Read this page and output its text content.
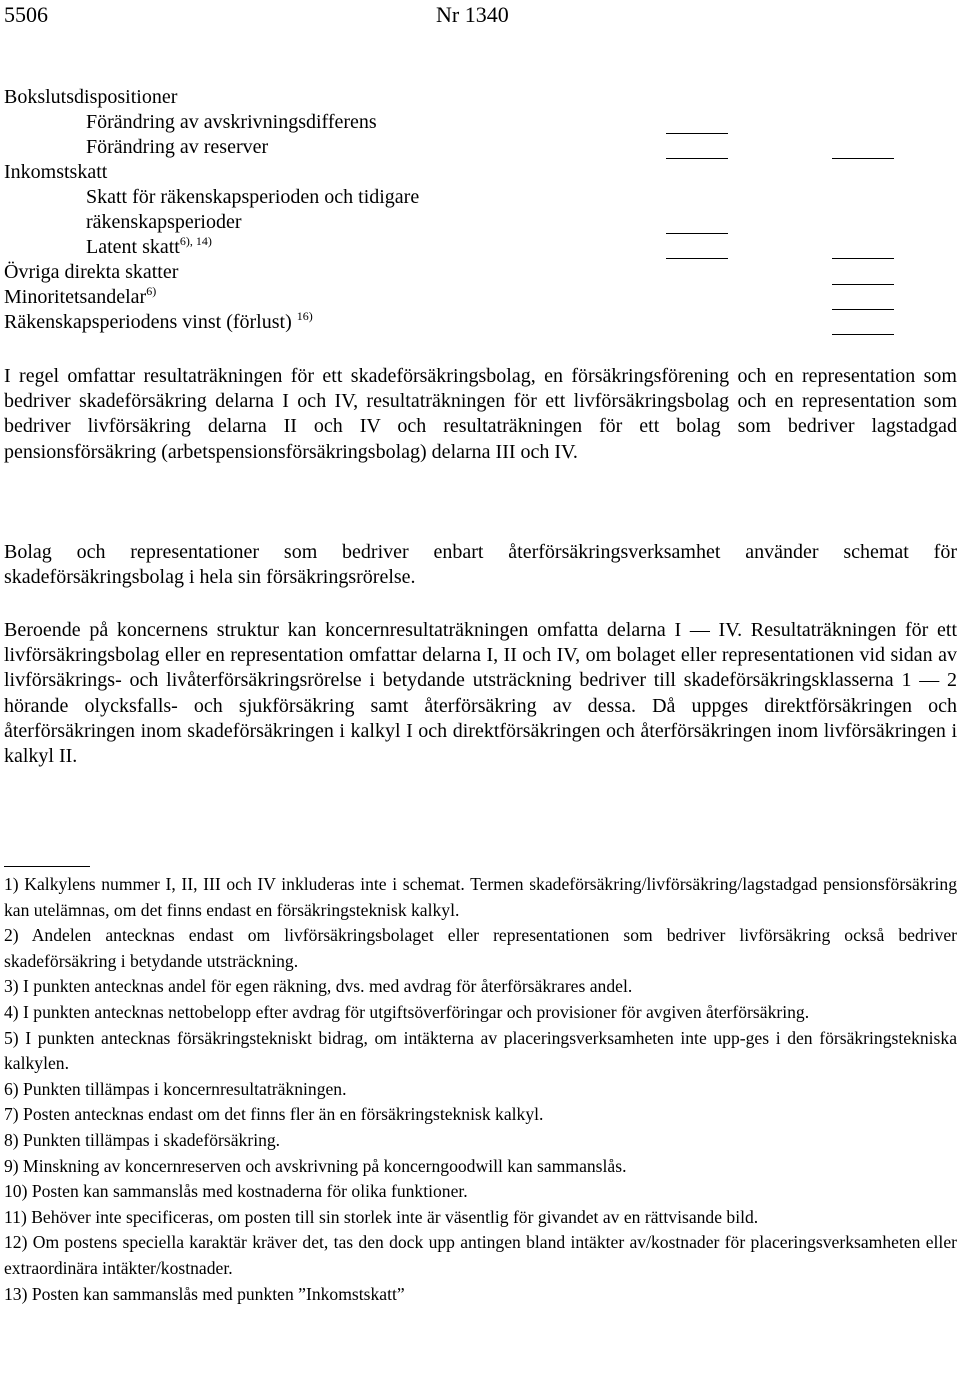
5506	Nr 1340
Bokslutsdispositioner
Förändring av avskrivningsdifferens
Förändring av reserver
Inkomstskatt
Skatt för räkenskapsperioden och tidigare
räkenskapsperioder
Latent skatt$^{6), 14)}$
Övriga direkta skatter
Minoritetsandelar$^{6)}$
Räkenskapsperiodens vinst (förlust) $^{16)}$

I regel omfattar resultaträkningen för ett skadeförsäkringsbolag, en försäkringsförening och en representation som bedriver skadeförsäkring delarna I och IV, resultaträkningen för ett livförsäkringsbolag och en representation som bedriver livförsäkring delarna II och IV och resultaträkningen för ett bolag som bedriver lagstadgad pensionsförsäkring (arbetspensionsförsäkringsbolag) delarna III och IV.

Bolag och representationer som bedriver enbart återförsäkringsverksamhet använder schemat för skadeförsäkringsbolag i hela sin försäkringsrörelse.

Beroende på koncernens struktur kan koncernresultaträkningen omfatta delarna I — IV. Resultaträkningen för ett livförsäkringsbolag eller en representation omfattar delarna I, II och IV, om bolaget eller representationen vid sidan av livförsäkrings- och livåterförsäkringsrörelse i betydande utsträckning bedriver till skadeförsäkringsklasserna 1 — 2 hörande olycksfalls- och sjukförsäkring samt återförsäkring av dessa. Då uppges direktförsäkringen och återförsäkringen inom skadeförsäkringen i kalkyl I och direktförsäkringen och återförsäkringen inom livförsäkringen i kalkyl II.

1) Kalkylens nummer I, II, III och IV inkluderas inte i schemat. Termen skadeförsäkring/livförsäkring/lagstadgad pensionsförsäkring kan utelämnas, om det finns endast en försäkringsteknisk kalkyl.

2) Andelen antecknas endast om livförsäkringsbolaget eller representationen som bedriver livförsäkring också bedriver skadeförsäkring i betydande utsträckning.

3) I punkten antecknas andel för egen räkning, dvs. med avdrag för återförsäkrares andel.

4) I punkten antecknas nettobelopp efter avdrag för utgiftsöverföringar och provisioner för avgiven återförsäkring.

5) I punkten antecknas försäkringstekniskt bidrag, om intäkterna av placeringsverksamheten inte upp-ges i den försäkringstekniska kalkylen.

6) Punkten tillämpas i koncernresultaträkningen.

7) Posten antecknas endast om det finns fler än en försäkringsteknisk kalkyl.

8) Punkten tillämpas i skadeförsäkring.

9) Minskning av koncernreserven och avskrivning på koncerngoodwill kan sammanslås.

10) Posten kan sammanslås med kostnaderna för olika funktioner.

11) Behöver inte specificeras, om posten till sin storlek inte är väsentlig för givandet av en rättvisande bild.

12) Om postens speciella karaktär kräver det, tas den dock upp antingen bland intäkter av/kostnader för placeringsverksamheten eller extraordinära intäkter/kostnader.

13) Posten kan sammanslås med punkten ”Inkomstskatt”
